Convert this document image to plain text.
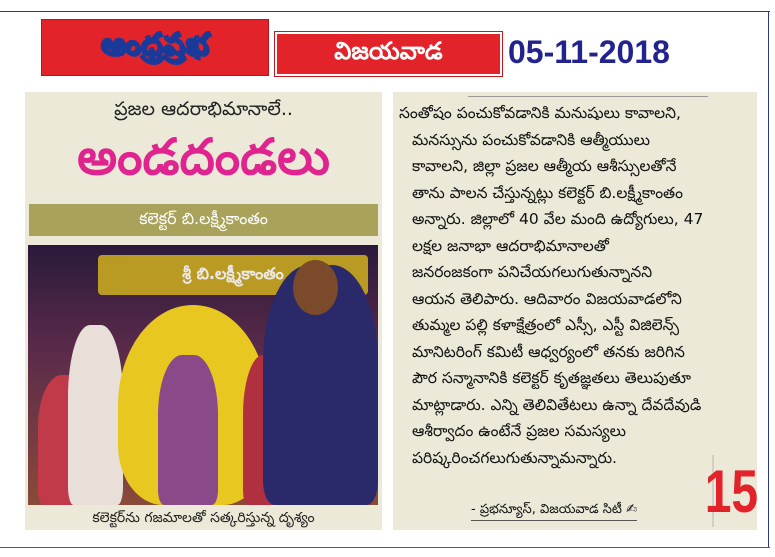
ఆంధ్రప్రభ	విజయవాడ 05-11-2018
ప్రజల ఆదరాభిమానాలే..
అండదండలు
కలెక్టర్ బి.లక్ష్మీకాంతం
శ్రీ బి.లక్ష్మీకాంతం
కలెక్టర్‌ను గజమాలతో సత్కరిస్తున్న దృశ్యం
సంతోషం పంచుకోవడానికి మనుషులు కావాలని,
మనస్సును పంచుకోవడానికి ఆత్మీయులు
కావాలని, జిల్లా ప్రజల ఆత్మీయ ఆశీస్సులతోనే
తాను పాలన చేస్తున్నట్లు కలెక్టర్ బి.లక్ష్మీకాంతం
అన్నారు. జిల్లాలో 40 వేల మంది ఉద్యోగులు, 47
లక్షల జనాభా ఆదరాభిమానాలతో
జనరంజకంగా పనిచేయగలుగుతున్నానని
ఆయన తెలిపారు. ఆదివారం విజయవాడలోని
తుమ్మల పల్లి కళాక్షేత్రంలో ఎస్సీ, ఎస్టీ విజిలెన్స్
మానిటరింగ్ కమిటీ ఆధ్వర్యంలో తనకు జరిగిన
పౌర సన్మానానికి కలెక్టర్ కృతజ్ఞతలు తెలుపుతూ
మాట్లాడారు. ఎన్ని తెలివితేటలు ఉన్నా దేవదేవుడి
ఆశీర్వాదం ఉంటేనే ప్రజల సమస్యలు
పరిష్కరించగలుగుతున్నామన్నారు.
- ప్రభన్యూస్, విజయవాడ సిటీ ✍ 15
